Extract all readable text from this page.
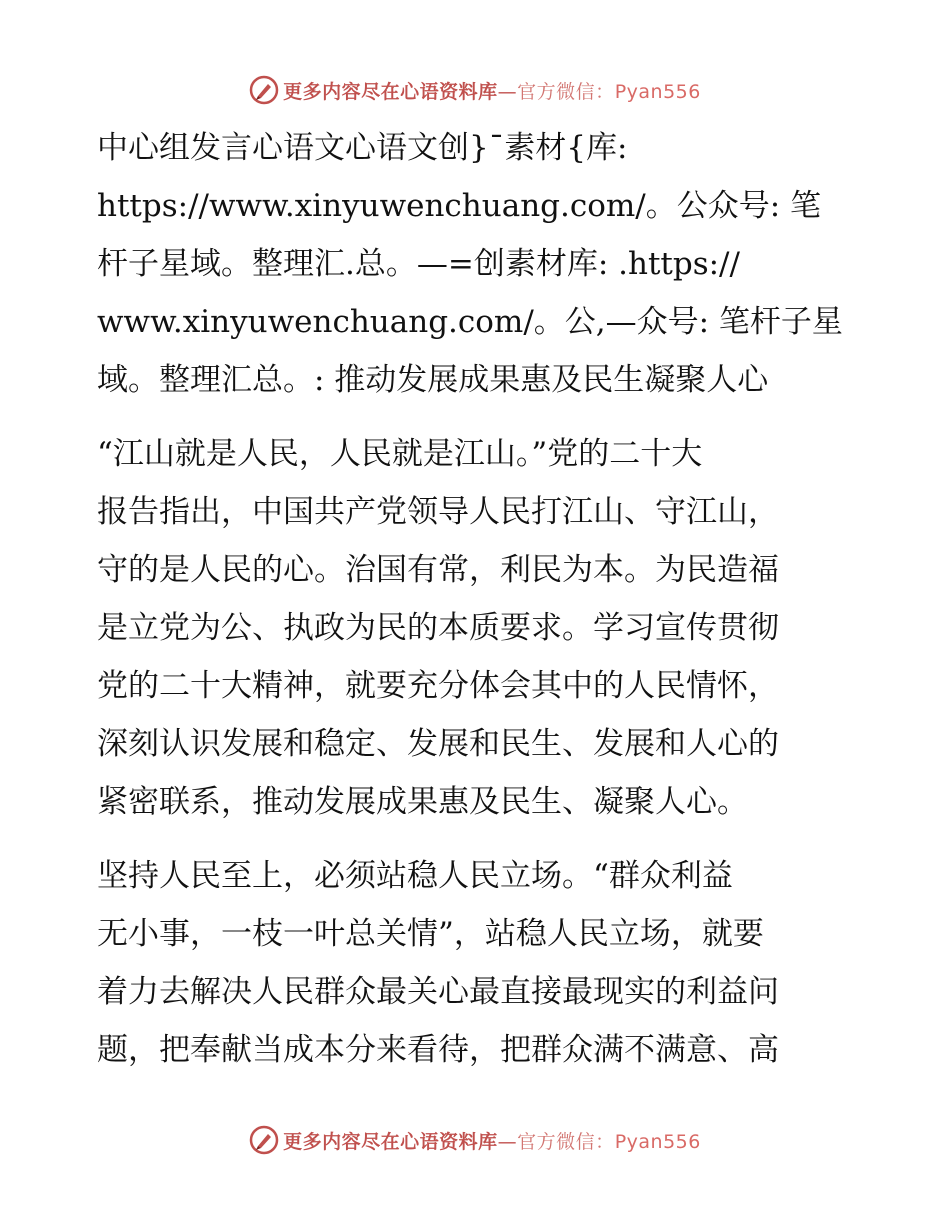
更多内容尽在心语资料库—官方微信：Pyan556
中心组发言心语文心语文创}¯素材{库:
https://www.xinyuwenchuang.com/。公众号: 笔
杆子星域。整理汇.总。—=创素材库: .https://
www.xinyuwenchuang.com/。公,—众号: 笔杆子星
域。整理汇总。: 推动发展成果惠及民生凝聚人心
“江山就是人民，人民就是江山。”党的二十大
报告指出，中国共产党领导人民打江山、守江山，
守的是人民的心。治国有常，利民为本。为民造福
是立党为公、执政为民的本质要求。学习宣传贯彻
党的二十大精神，就要充分体会其中的人民情怀，
深刻认识发展和稳定、发展和民生、发展和人心的
紧密联系，推动发展成果惠及民生、凝聚人心。
坚持人民至上，必须站稳人民立场。“群众利益
无小事，一枝一叶总关情”，站稳人民立场，就要
着力去解决人民群众最关心最直接最现实的利益问
题，把奉献当成本分来看待，把群众满不满意、高
更多内容尽在心语资料库—官方微信：Pyan556
